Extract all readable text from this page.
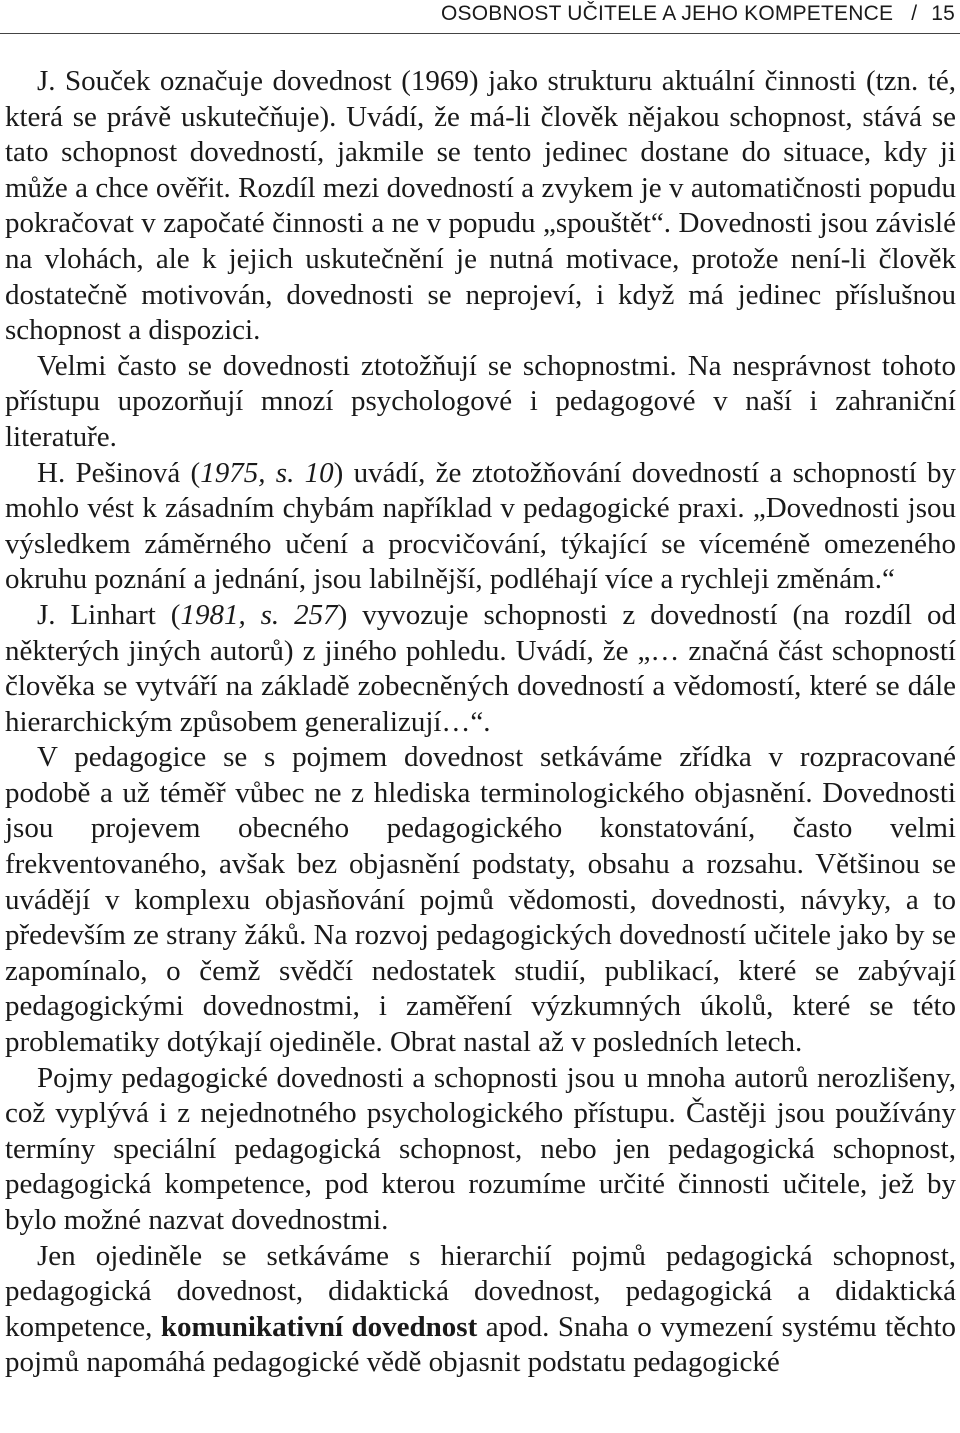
OSOBNOST UČITELE A JEHO KOMPETENCE / 15

J. Souček označuje dovednost (1969) jako strukturu aktuální činnosti (tzn. té, která se právě uskutečňuje). Uvádí, že má-li člověk nějakou schopnost, stává se tato schopnost dovedností, jakmile se tento jedinec dostane do situace, kdy ji může a chce ověřit. Rozdíl mezi dovedností a zvykem je v automatičnosti popudu pokračovat v započaté činnosti a ne v popudu „spouštět“. Dovednosti jsou závislé na vlohách, ale k jejich uskutečnění je nutná motivace, protože není-li člověk dostatečně motivován, dovednosti se neprojeví, i když má jedinec příslušnou schopnost a dispozici.

Velmi často se dovednosti ztotožňují se schopnostmi. Na nesprávnost tohoto přístupu upozorňují mnozí psychologové i pedagogové v naší i zahraniční literatuře.

H. Pešinová (1975, s. 10) uvádí, že ztotožňování dovedností a schopností by mohlo vést k zásadním chybám například v pedagogické praxi. „Dovednosti jsou výsledkem záměrného učení a procvičování, týkající se víceméně omezeného okruhu poznání a jednání, jsou labilnější, podléhají více a rychleji změnám.“

J. Linhart (1981, s. 257) vyvozuje schopnosti z dovedností (na rozdíl od některých jiných autorů) z jiného pohledu. Uvádí, že „… značná část schopností člověka se vytváří na základě zobecněných dovedností a vědomostí, které se dále hierarchickým způsobem generalizují…“.

V pedagogice se s pojmem dovednost setkáváme zřídka v rozpracované podobě a už téměř vůbec ne z hlediska terminologického objasnění. Dovednosti jsou projevem obecného pedagogického konstatování, často velmi frekventovaného, avšak bez objasnění podstaty, obsahu a rozsahu. Většinou se uvádějí v komplexu objasňování pojmů vědomosti, dovednosti, návyky, a to především ze strany žáků. Na rozvoj pedagogických dovedností učitele jako by se zapomínalo, o čemž svědčí nedostatek studií, publikací, které se zabývají pedagogickými dovednostmi, i zaměření výzkumných úkolů, které se této problematiky dotýkají ojediněle. Obrat nastal až v posledních letech.

Pojmy pedagogické dovednosti a schopnosti jsou u mnoha autorů nerozlišeny, což vyplývá i z nejednotného psychologického přístupu. Častěji jsou používány termíny speciální pedagogická schopnost, nebo jen pedagogická schopnost, pedagogická kompetence, pod kterou rozumíme určité činnosti učitele, jež by bylo možné nazvat dovednostmi.

Jen ojediněle se setkáváme s hierarchií pojmů pedagogická schopnost, pedagogická dovednost, didaktická dovednost, pedagogická a didaktická kompetence, komunikativní dovednost apod. Snaha o vymezení systému těchto pojmů napomáhá pedagogické vědě objasnit podstatu pedagogické
